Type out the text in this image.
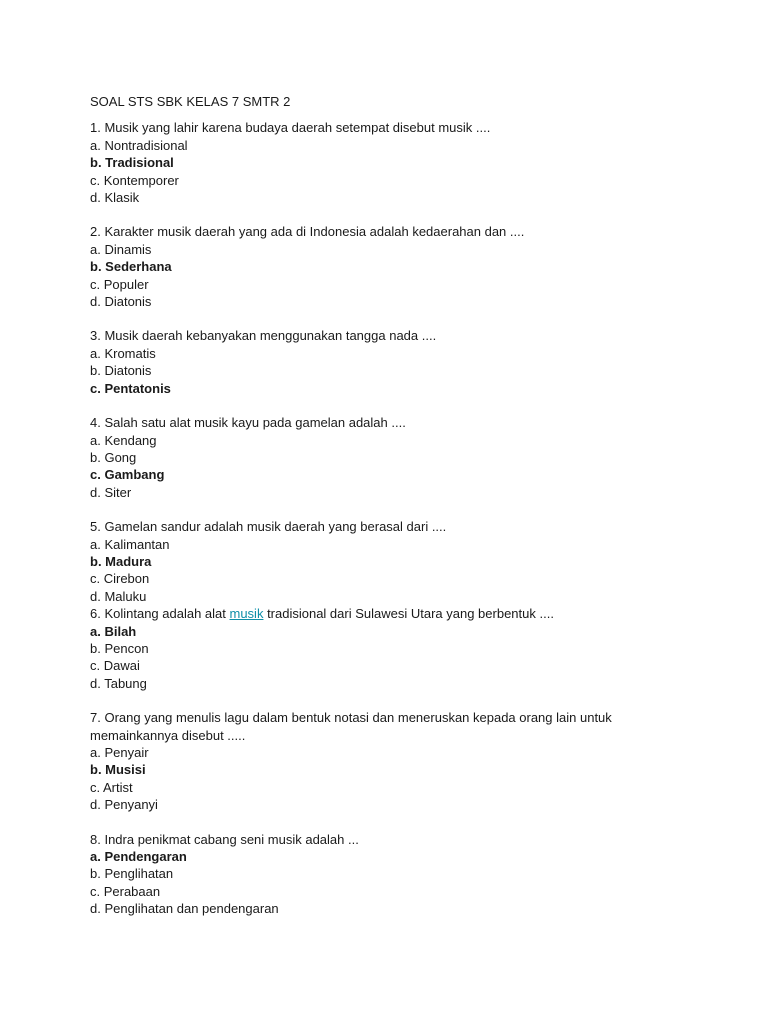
SOAL STS SBK KELAS 7 SMTR 2
1. Musik yang lahir karena budaya daerah setempat disebut musik ....
a. Nontradisional
b. Tradisional
c. Kontemporer
d. Klasik
2. Karakter musik daerah yang ada di Indonesia adalah kedaerahan dan ....
a. Dinamis
b. Sederhana
c. Populer
d. Diatonis
3. Musik daerah kebanyakan menggunakan tangga nada ....
a. Kromatis
b. Diatonis
c. Pentatonis
4. Salah satu alat musik kayu pada gamelan adalah ....
a. Kendang
b. Gong
c. Gambang
d. Siter
5. Gamelan sandur adalah musik daerah yang berasal dari ....
a. Kalimantan
b. Madura
c. Cirebon
d. Maluku
6. Kolintang adalah alat musik tradisional dari Sulawesi Utara yang berbentuk ....
a. Bilah
b. Pencon
c. Dawai
d. Tabung
7. Orang yang menulis lagu dalam bentuk notasi dan meneruskan kepada orang lain untuk
memainkannya disebut .....
a. Penyair
b. Musisi
c. Artist
d. Penyanyi
8. Indra penikmat cabang seni musik adalah ...
a. Pendengaran
b. Penglihatan
c. Perabaan
d. Penglihatan dan pendengaran
